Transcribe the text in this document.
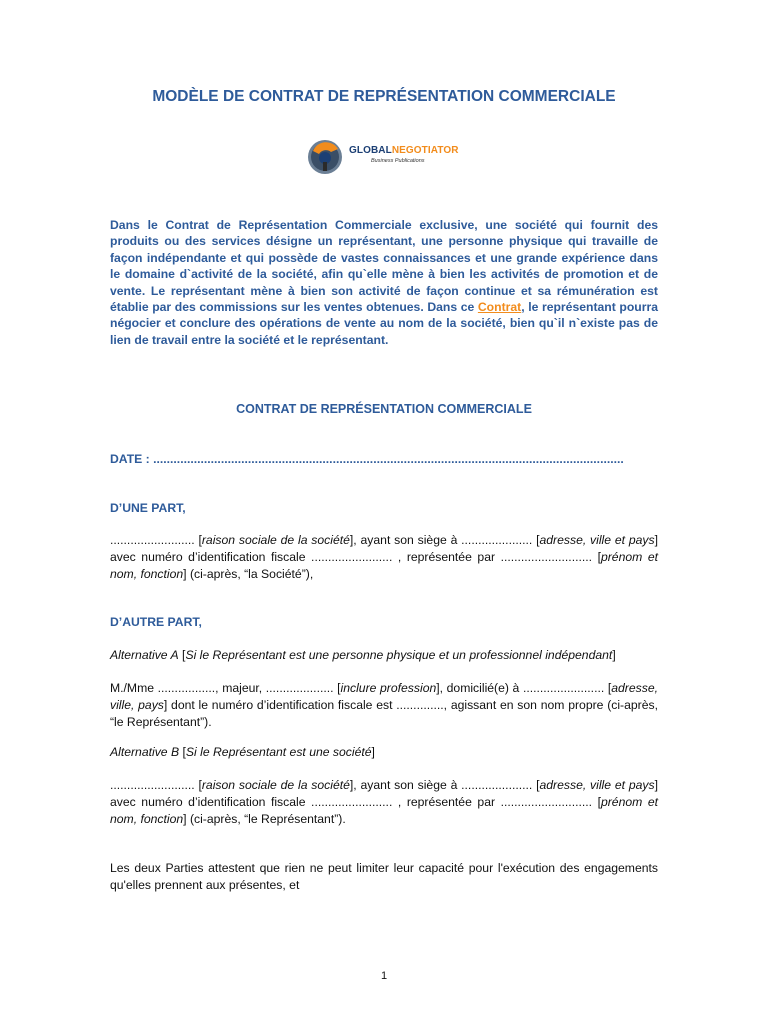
MODÈLE DE CONTRAT DE REPRÉSENTATION COMMERCIALE
GLOBALNEGOTIATOR
Business Publications
Dans le Contrat de Représentation Commerciale exclusive, une société qui fournit des produits ou des services désigne un représentant, une personne physique qui travaille de façon indépendante et qui possède de vastes connaissances et une grande expérience dans le domaine d`activité de la société, afin qu`elle mène à bien les activités de promotion et de vente. Le représentant mène à bien son activité de façon continue et sa rémunération est établie par des commissions sur les ventes obtenues. Dans ce Contrat, le représentant pourra négocier et conclure des opérations de vente au nom de la société, bien qu`il n`existe pas de lien de travail entre la société et le représentant.
CONTRAT DE REPRÉSENTATION COMMERCIALE
DATE : ...........................................................................................................................................
D’UNE PART,
......................... [raison sociale de la société], ayant son siège à ..................... [adresse, ville et pays] avec numéro d’identification fiscale ........................ , représentée par ........................... [prénom et nom, fonction] (ci-après, “la Société”),
D’AUTRE PART,
Alternative A [Si le Représentant est une personne physique et un professionnel indépendant]
M./Mme ................., majeur, .................... [inclure profession], domicilié(e) à ........................ [adresse, ville, pays] dont le numéro d’identification fiscale est .............., agissant en son nom propre (ci-après, “le Représentant”).
Alternative B [Si le Représentant est une société]
......................... [raison sociale de la société], ayant son siège à ..................... [adresse, ville et pays] avec numéro d’identification fiscale ........................ , représentée par ........................... [prénom et nom, fonction] (ci-après, “le Représentant”).
Les deux Parties attestent que rien ne peut limiter leur capacité pour l'exécution des engagements qu'elles prennent aux présentes, et
1
